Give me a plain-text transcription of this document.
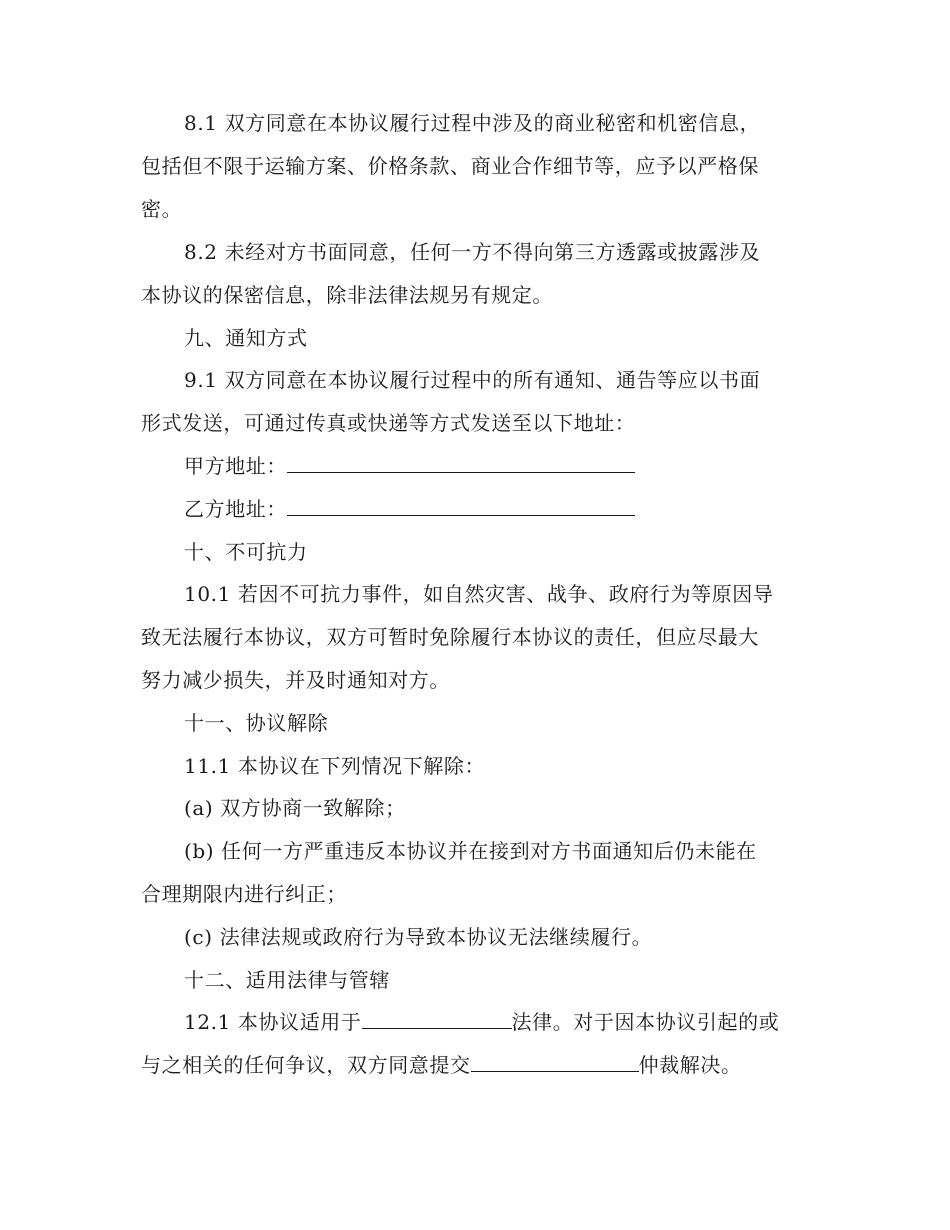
8.1 双方同意在本协议履行过程中涉及的商业秘密和机密信息，
包括但不限于运输方案、价格条款、商业合作细节等，应予以严格保
密。
8.2 未经对方书面同意，任何一方不得向第三方透露或披露涉及
本协议的保密信息，除非法律法规另有规定。
九、通知方式
9.1 双方同意在本协议履行过程中的所有通知、通告等应以书面
形式发送，可通过传真或快递等方式发送至以下地址：
甲方地址：
乙方地址：
十、不可抗力
10.1 若因不可抗力事件，如自然灾害、战争、政府行为等原因导
致无法履行本协议，双方可暂时免除履行本协议的责任，但应尽最大
努力减少损失，并及时通知对方。
十一、协议解除
11.1 本协议在下列情况下解除：
(a) 双方协商一致解除；
(b) 任何一方严重违反本协议并在接到对方书面通知后仍未能在
合理期限内进行纠正；
(c) 法律法规或政府行为导致本协议无法继续履行。
十二、适用法律与管辖
12.1 本协议适用于	法律。对于因本协议引起的或
与之相关的任何争议，双方同意提交	仲裁解决。
